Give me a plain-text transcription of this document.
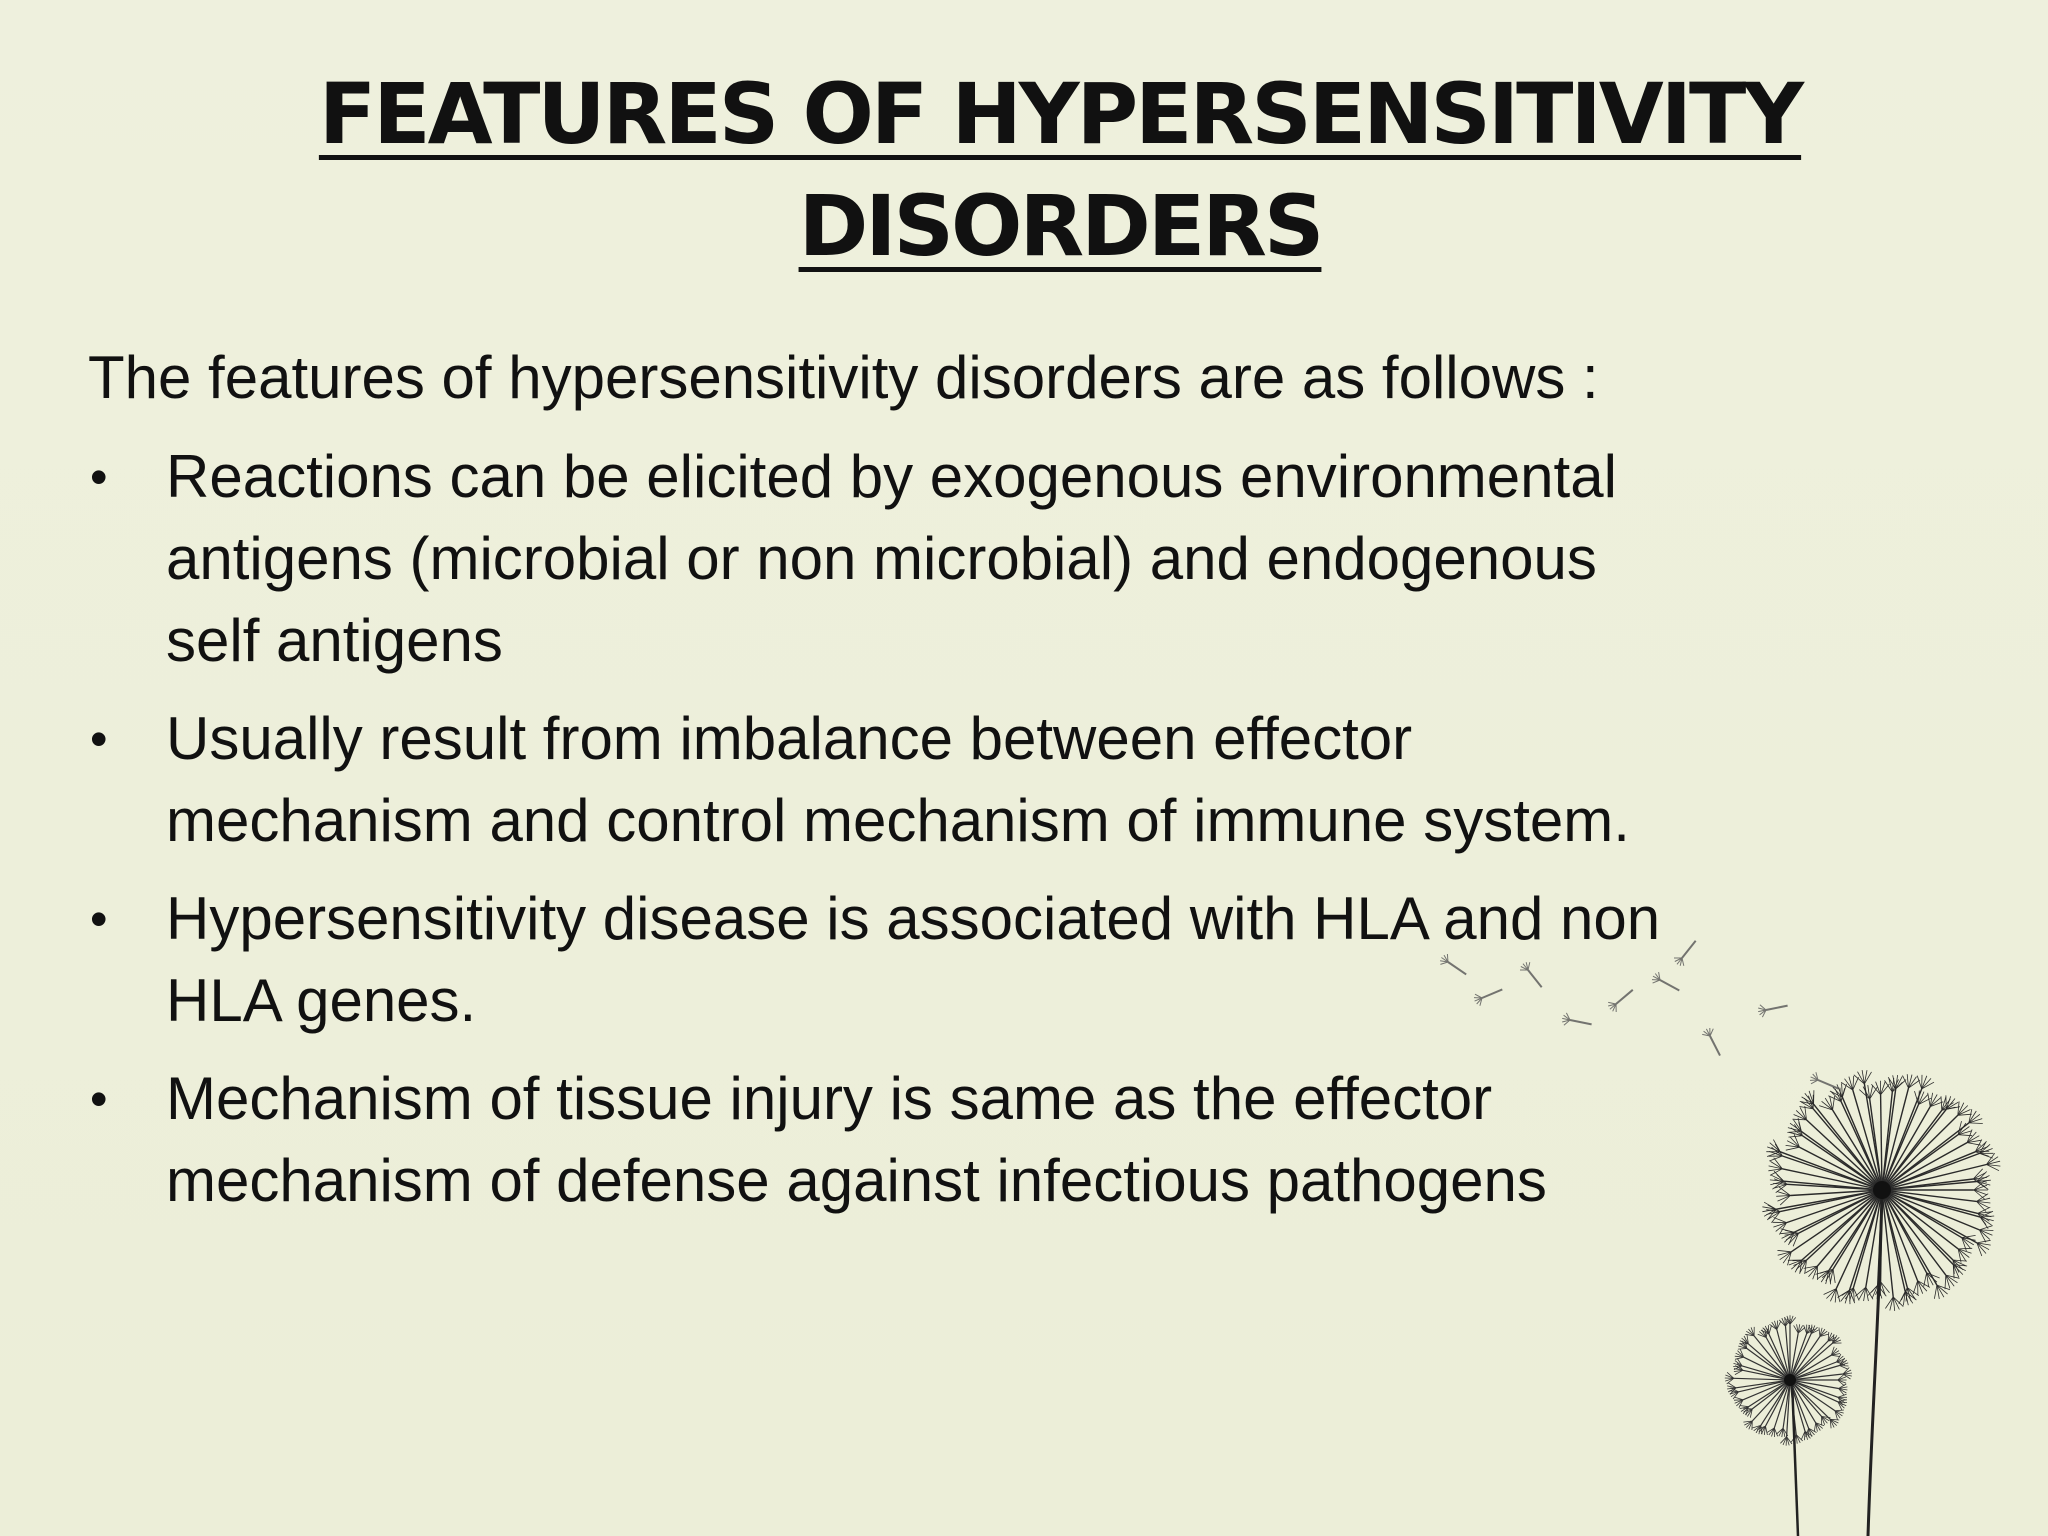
FEATURES OF HYPERSENSITIVITY
DISORDERS
The features of hypersensitivity disorders are as follows :
• Reactions can be elicited by exogenous environmental
antigens (microbial or non microbial) and endogenous
self antigens
• Usually result from imbalance between effector
mechanism and control mechanism of immune system.
• Hypersensitivity disease is associated with HLA and non
HLA genes.
• Mechanism of tissue injury is same as the effector
mechanism of defense against infectious pathogens
